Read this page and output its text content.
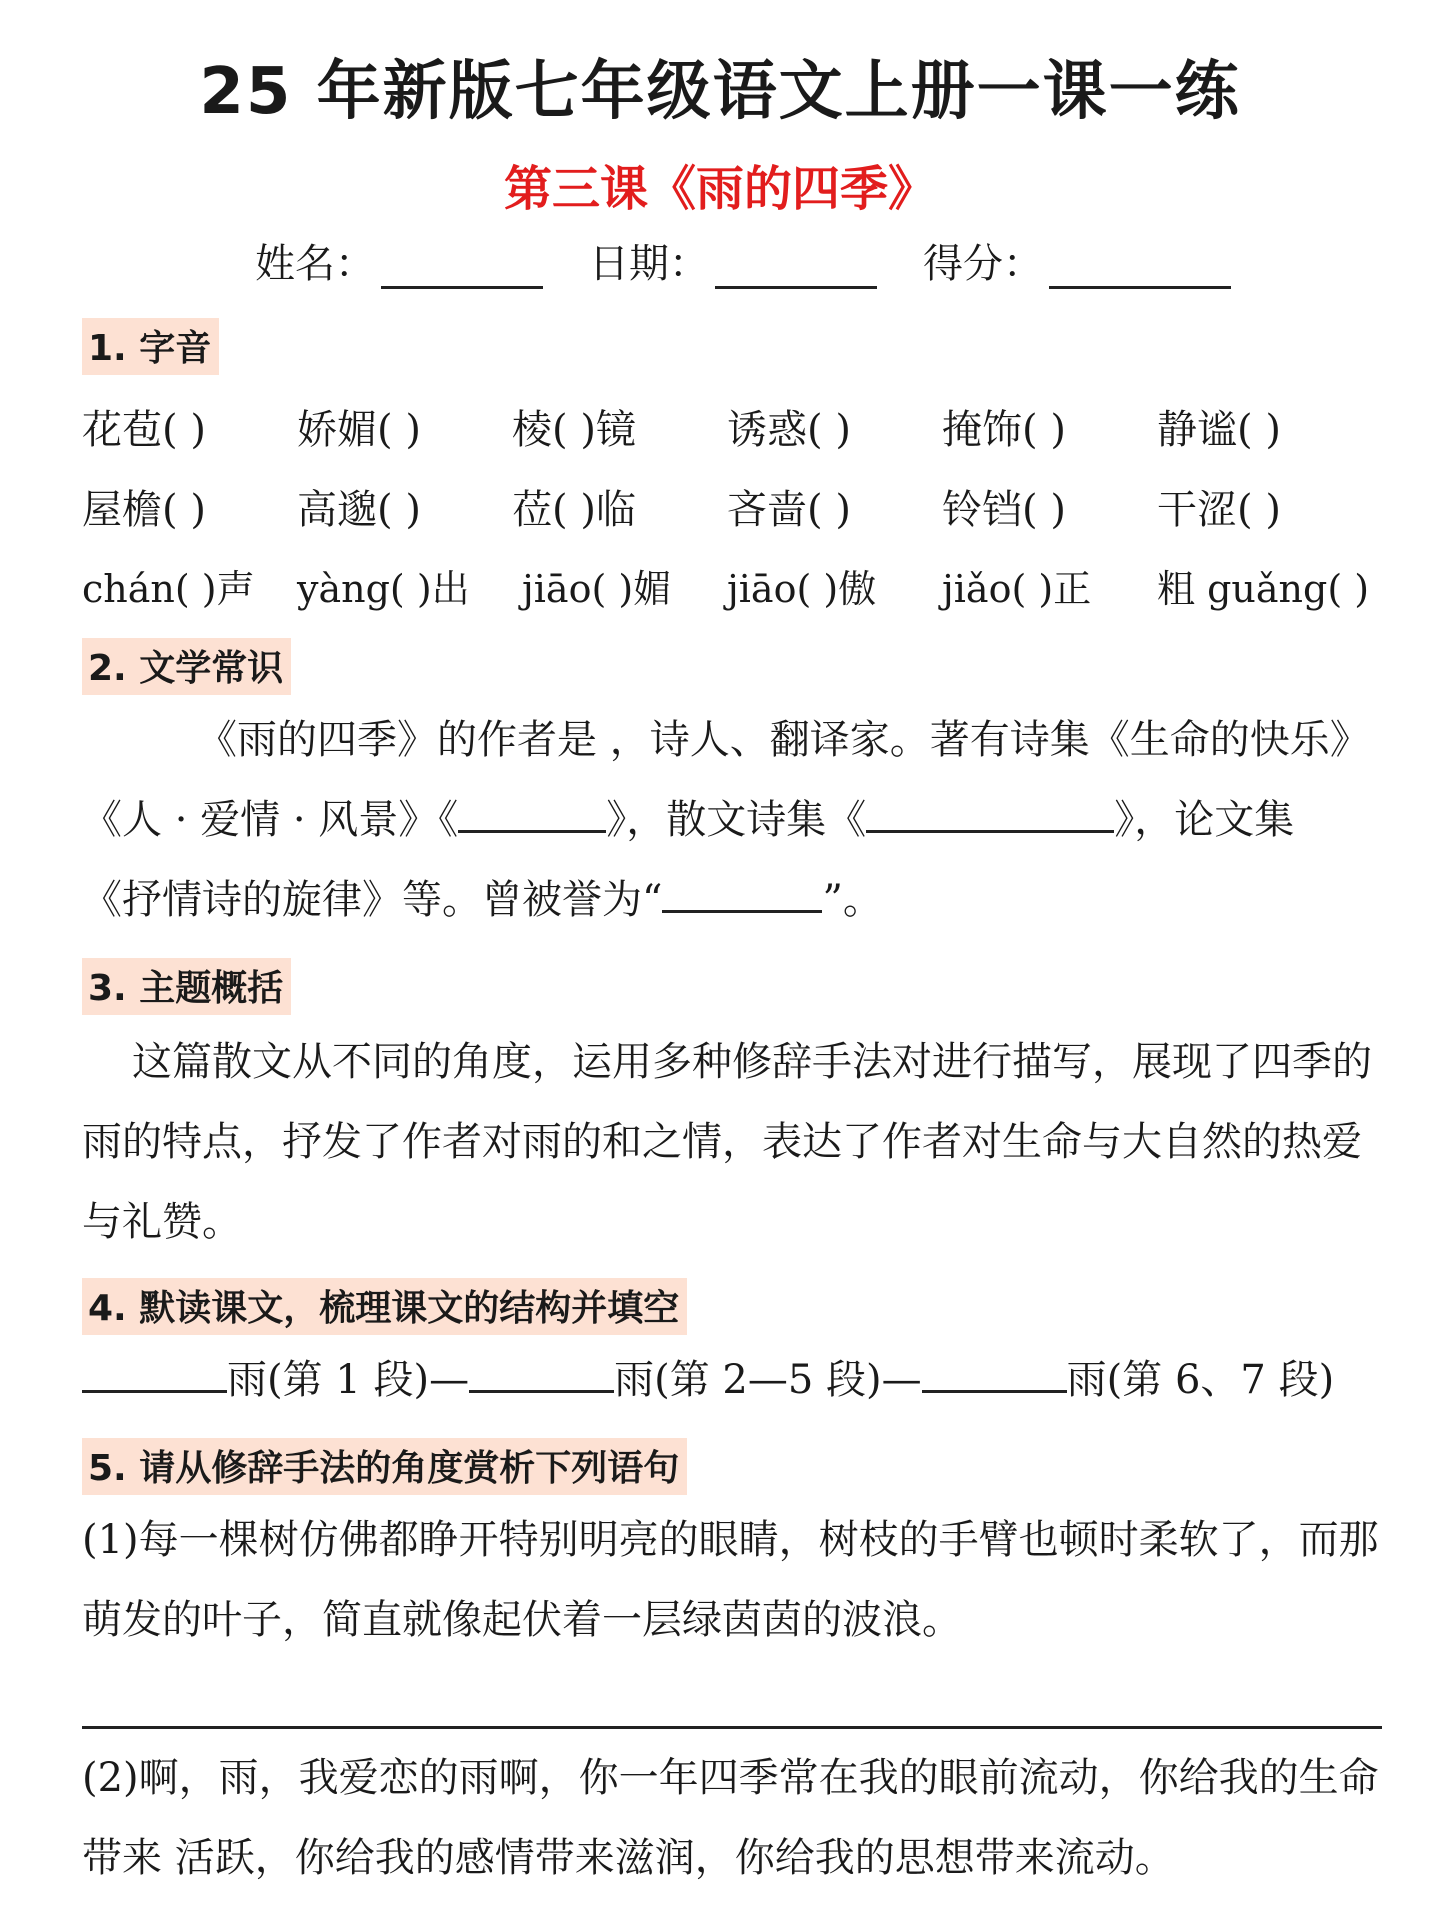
25 年新版七年级语文上册一课一练
第三课《雨的四季》
姓名：	日期：	得分：
1. 字音
花苞( ) 娇媚( ) 棱( )镜 诱惑( ) 掩饰( ) 静谧( )
屋檐( ) 高邈( ) 莅( )临 吝啬( ) 铃铛( ) 干涩( )
chán( )声 yàng( )出 jiāo( )媚 jiāo( )傲 jiǎo( )正 粗 guǎng( )
2. 文学常识
《雨的四季》的作者是 ，诗人、翻译家。著有诗集《生命的快乐》
《人 · 爱情 · 风景》《	》，散文诗集《	》，论文集
《抒情诗的旋律》等。曾被誉为“	”。
3. 主题概括
这篇散文从不同的角度，运用多种修辞手法对进行描写，展现了四季的雨的特点，抒发了作者对雨的和之情，表达了作者对生命与大自然的热爱与礼赞。
4. 默读课文，梳理课文的结构并填空
雨(第 1 段)—	雨(第 2—5 段)—	雨(第 6、7 段)
5. 请从修辞手法的角度赏析下列语句
(1)每一棵树仿佛都睁开特别明亮的眼睛，树枝的手臂也顿时柔软了，而那萌发的叶子，简直就像起伏着一层绿茵茵的波浪。
(2)啊，雨，我爱恋的雨啊，你一年四季常在我的眼前流动，你给我的生命带来 活跃，你给我的感情带来滋润，你给我的思想带来流动。
